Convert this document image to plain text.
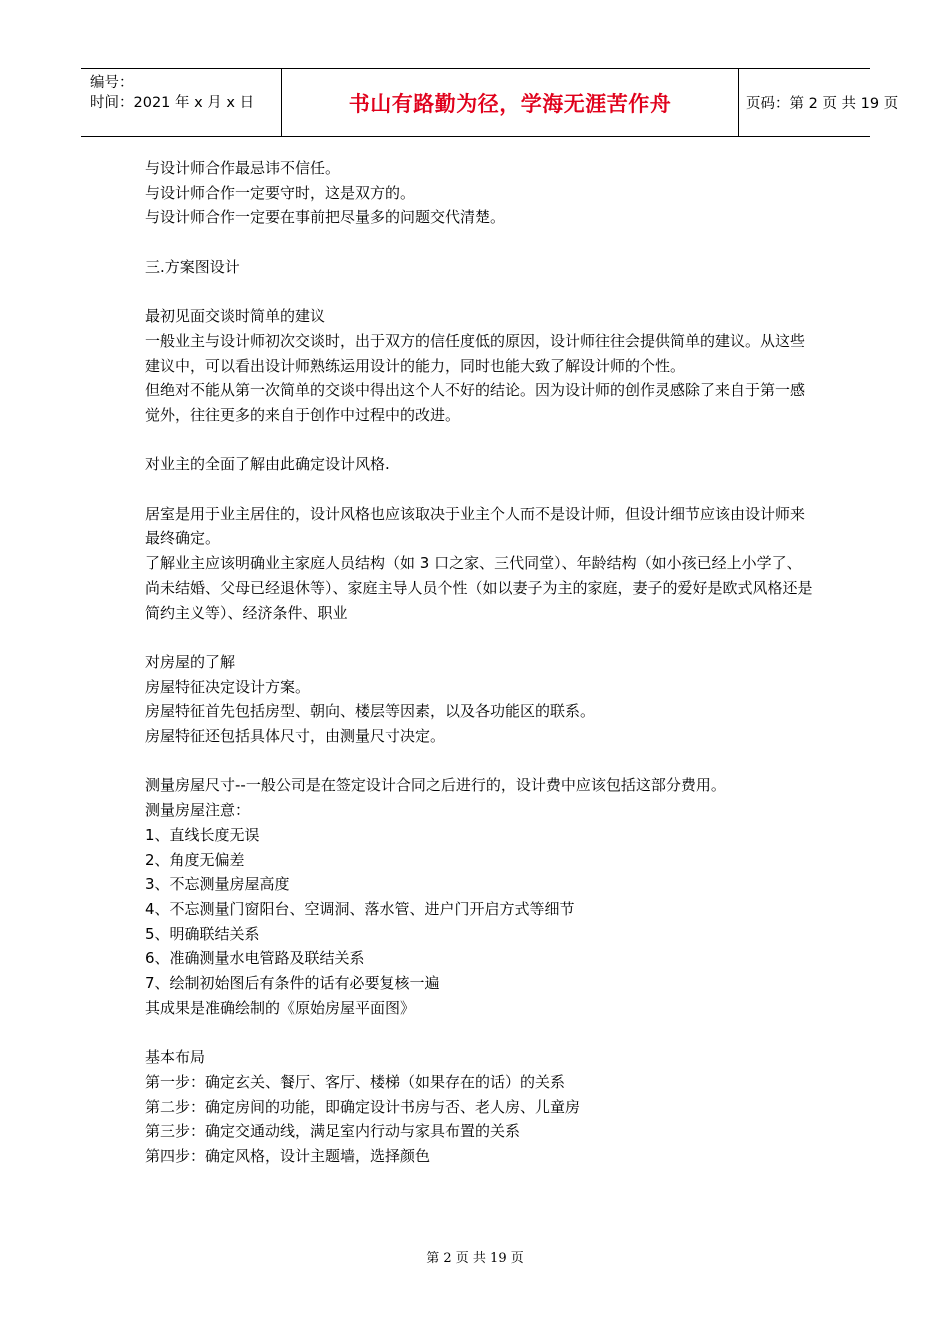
编号：
时间：2021 年 x 月 x 日	书山有路勤为径，学海无涯苦作舟	页码：第 2 页 共 19 页

与设计师合作最忌讳不信任。

与设计师合作一定要守时，这是双方的。

与设计师合作一定要在事前把尽量多的问题交代清楚。

三.方案图设计

最初见面交谈时简单的建议

一般业主与设计师初次交谈时，出于双方的信任度低的原因，设计师往往会提供简单的建议。从这些建议中，可以看出设计师熟练运用设计的能力，同时也能大致了解设计师的个性。

但绝对不能从第一次简单的交谈中得出这个人不好的结论。因为设计师的创作灵感除了来自于第一感觉外，往往更多的来自于创作中过程中的改进。

对业主的全面了解由此确定设计风格.

居室是用于业主居住的，设计风格也应该取决于业主个人而不是设计师，但设计细节应该由设计师来最终确定。

了解业主应该明确业主家庭人员结构（如 3 口之家、三代同堂）、年龄结构（如小孩已经上小学了、尚未结婚、父母已经退休等）、家庭主导人员个性（如以妻子为主的家庭，妻子的爱好是欧式风格还是简约主义等）、经济条件、职业

对房屋的了解

房屋特征决定设计方案。

房屋特征首先包括房型、朝向、楼层等因素，以及各功能区的联系。

房屋特征还包括具体尺寸，由测量尺寸决定。

测量房屋尺寸--一般公司是在签定设计合同之后进行的，设计费中应该包括这部分费用。

测量房屋注意：

1、直线长度无误

2、角度无偏差

3、不忘测量房屋高度

4、不忘测量门窗阳台、空调洞、落水管、进户门开启方式等细节

5、明确联结关系

6、准确测量水电管路及联结关系

7、绘制初始图后有条件的话有必要复核一遍

其成果是准确绘制的《原始房屋平面图》

基本布局

第一步：确定玄关、餐厅、客厅、楼梯（如果存在的话）的关系

第二步：确定房间的功能，即确定设计书房与否、老人房、儿童房

第三步：确定交通动线，满足室内行动与家具布置的关系

第四步：确定风格，设计主题墙，选择颜色

第 2 页 共 19 页
